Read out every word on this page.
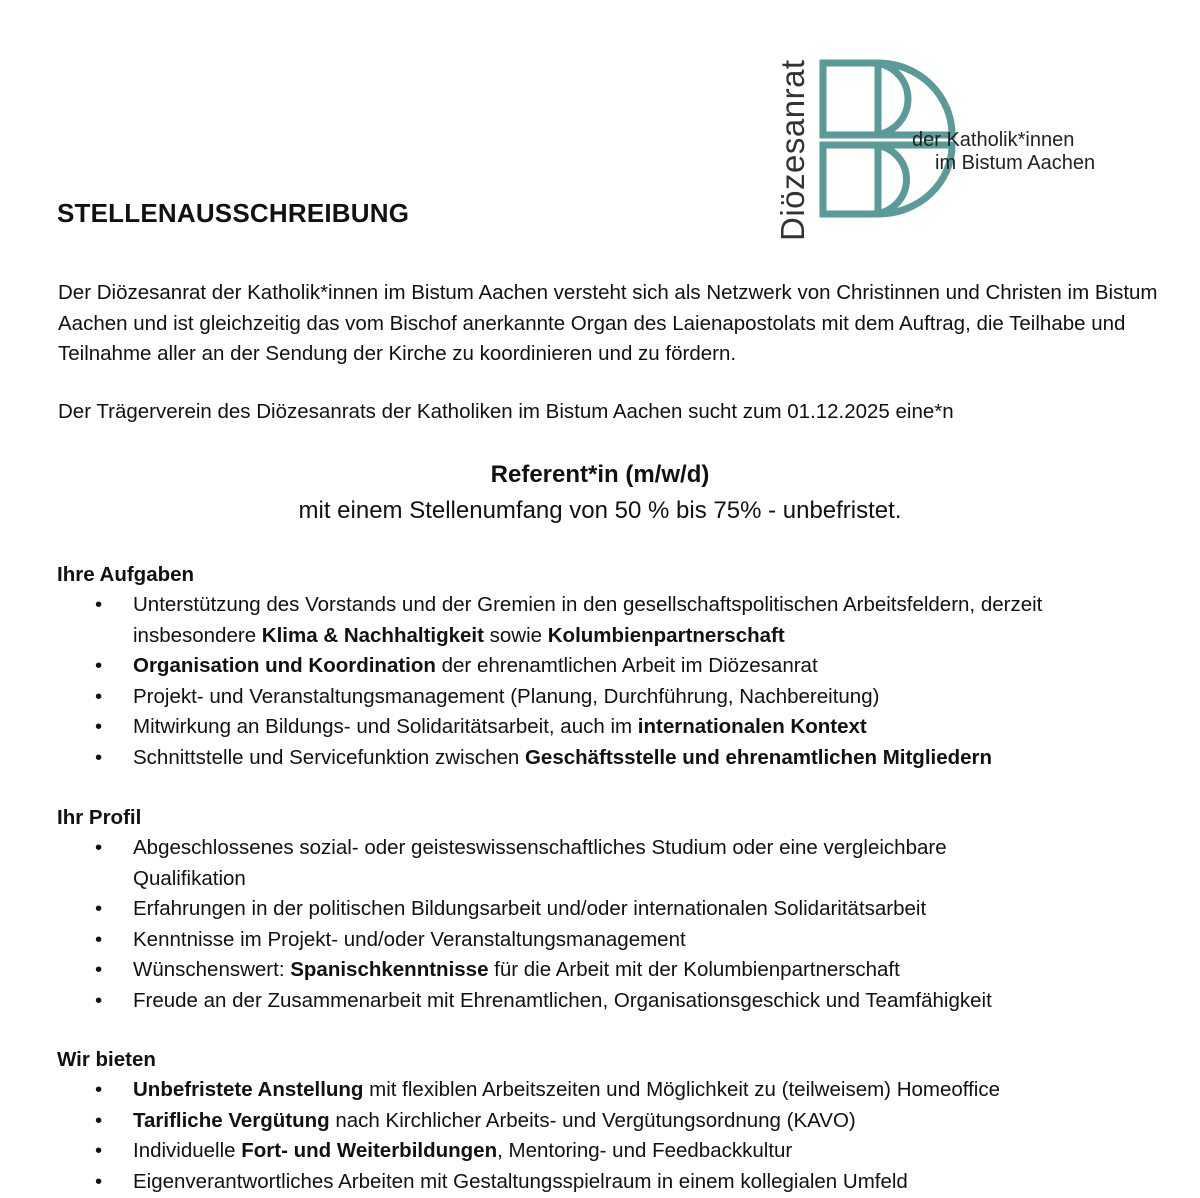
Diözesanrat	der Katholik*innen
im Bistum Aachen
STELLENAUSSCHREIBUNG
Der Diözesanrat der Katholik*innen im Bistum Aachen versteht sich als Netzwerk von Christinnen und Christen im Bistum Aachen und ist gleichzeitig das vom Bischof anerkannte Organ des Laienapostolats mit dem Auftrag, die Teilhabe und Teilnahme aller an der Sendung der Kirche zu koordinieren und zu fördern.
Der Trägerverein des Diözesanrats der Katholiken im Bistum Aachen sucht zum 01.12.2025 eine*n
Referent*in (m/w/d)
mit einem Stellenumfang von 50 % bis 75% - unbefristet.
Ihre Aufgaben
• Unterstützung des Vorstands und der Gremien in den gesellschaftspolitischen Arbeitsfeldern, derzeit insbesondere Klima & Nachhaltigkeit sowie Kolumbienpartnerschaft
• Organisation und Koordination der ehrenamtlichen Arbeit im Diözesanrat
• Projekt- und Veranstaltungsmanagement (Planung, Durchführung, Nachbereitung)
• Mitwirkung an Bildungs- und Solidaritätsarbeit, auch im internationalen Kontext
• Schnittstelle und Servicefunktion zwischen Geschäftsstelle und ehrenamtlichen Mitgliedern
Ihr Profil
• Abgeschlossenes sozial- oder geisteswissenschaftliches Studium oder eine vergleichbare Qualifikation
• Erfahrungen in der politischen Bildungsarbeit und/oder internationalen Solidaritätsarbeit
• Kenntnisse im Projekt- und/oder Veranstaltungsmanagement
• Wünschenswert: Spanischkenntnisse für die Arbeit mit der Kolumbienpartnerschaft
• Freude an der Zusammenarbeit mit Ehrenamtlichen, Organisationsgeschick und Teamfähigkeit
Wir bieten
• Unbefristete Anstellung mit flexiblen Arbeitszeiten und Möglichkeit zu (teilweisem) Homeoffice
• Tarifliche Vergütung nach Kirchlicher Arbeits- und Vergütungsordnung (KAVO)
• Individuelle Fort- und Weiterbildungen, Mentoring- und Feedbackkultur
• Eigenverantwortliches Arbeiten mit Gestaltungsspielraum in einem kollegialen Umfeld
